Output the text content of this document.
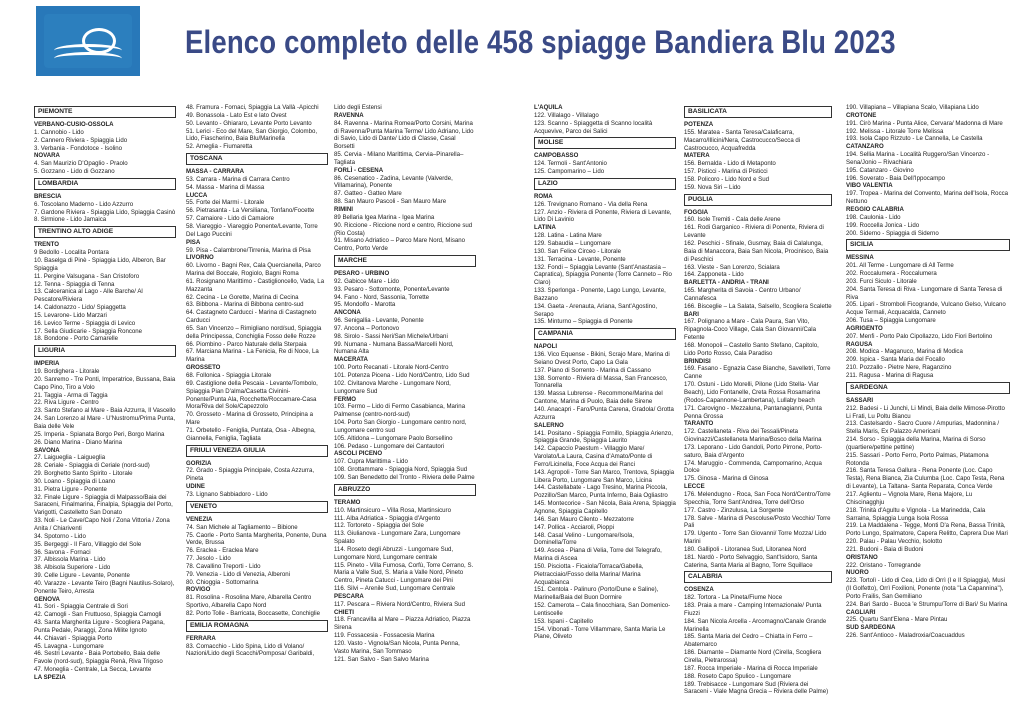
Elenco completo delle 458 spiagge Bandiera Blu 2023
PIEMONTE
VERBANO-CUSIO-OSSOLA
1. Cannobio - Lido
2. Cannero Riviera - Spiaggia Lido
3. Verbania - Fondotoce - Isolino
NOVARA
4. San Maurizio D'Opaglio - Praolo
5. Gozzano - Lido di Gozzano
LOMBARDIA
BRESCIA
6. Toscolano Maderno - Lido Azzurro
7. Gardone Riviera - Spiaggia Lido, Spiaggia Casinò
8. Sirmione - Lido Jamaica
TRENTINO ALTO ADIGE
TRENTO
9 Bedollo - Localita Pontara
10. Baselga di Pinè - Spiaggia Lido, Alberon, Bar Spiaggia
11. Pergine Valsugana - San Cristoforo
12. Tenna - Spiaggia di Tenna
13. Calceranica al Lago - Alle Barche/ Al Pescatore/Riviera
14. Caldonazzo - Lido/ Spiaggetta
15. Levarone- Lido Marzari
16. Levico Terme - Spiaggia di Levico
17. Sella Giudicarie - Spiaggia Roncone
18. Bondone - Porto Camarelle
LIGURIA
IMPERIA
19. Bordighera - Litorale
20. Sanremo - Tre Ponti, Imperatrice, Bussana, Baia Capo Pino, Tiro a Volo
21. Taggia - Arma di Taggia
22. Riva Ligure - Centro
23. Santo Stefano al Mare - Baia Azzurra, Il Vascello
24. San Lorenzo al Mare - U'Nustromu/Prima Punta, Baia delle Vele
25. Imperia - Spianata Borgo Peri, Borgo Marina
26. Diano Marina - Diano Marina
SAVONA
27. Laigueglia - Laigueglia
28. Ceriale - Spiaggia di Ceriale (nord-sud)
29. Borghetto Santo Spirito - Litorale
30. Loano - Spiaggia di Loano
31. Pietra Ligure - Ponente
32. Finale Ligure - Spiaggia di Malpasso/Baia dei Saraceni, Finalmarina, Finalpia, Spiaggia del Porto, Varigotti, Castelletto San Donato
33. Noli - Le Cave/Capo Noli / Zona Vittoria / Zona Anita / Chiariventi
34. Spotorno - Lido
35. Bergeggi - Il Faro, Villaggio del Sole
36. Savona - Fornaci
37. Albissola Marina - Lido
38. Albisola Superiore - Lido
39. Celle Ligure - Levante, Ponente
40. Varazze - Levante Teiro (Bagni Nautilus-Solaro), Ponente Teiro, Arresta
GENOVA
41. Sori - Spiaggia Centrale di Sori
42. Camogli - San Fruttuoso, Spiaggia Camogli
43. Santa Margherita Ligure - Scogliera Pagana, Punta Pedale, Paraggi, Zona Milite Ignoto
44. Chiavari - Spiaggia Porto
45. Lavagna - Lungomare
46. Sestri Levante - Baia Portobello, Baia delle Favole (nord-sud), Spiaggia Renà, Riva Trigoso
47. Moneglia - Centrale, La Secca, Levante
LA SPEZIA
48. Framura - Fornaci, Spiaggia La Vallà -Apicchi
49. Bonassola - Lato Est e lato Ovest
50. Levanto - Ghiararo, Levante Porto Levanto
51. Lerici - Eco del Mare, San Giorgio, Colombo, Lido, Fiascherino, Baia Blu/Marinella
52. Ameglia - Fiumaretta
TOSCANA
MASSA - CARRARA
53. Carrara - Marina di Carrara Centro
54. Massa - Marina di Massa
LUCCA
55. Forte dei Marmi - Litorale
56. Pietrasanta - La Versiliana, Tonfano/Focette
57. Camaiore - Lido di Camaiore
58. Viareggio - Viareggio Ponente/Levante, Torre Del Lago Puccini
PISA
59. Pisa - Calambrone/Tirrenia, Marina di Pisa
LIVORNO
60. Livorno - Bagni Rex, Cala Quercianella, Parco Marina del Boccale, Rogiolo, Bagni Roma
61. Rosignano Marittimo - Castiglioncello, Vada, La Mazzanta
62. Cecina - Le Gorette, Marina di Cecina
63. Bibbona - Marina di Bibbona centro-sud
64. Castagneto Carducci - Marina di Castagneto Carducci
65. San Vincenzo – Rimigliano nord/sud, Spiaggia della Principessa, Conchiglia Fosso delle Rozze
66. Piombino - Parco Naturale della Sterpaia
67. Marciana Marina - La Fenicia, Re di Noce, La Marina
GROSSETO
68. Follonica - Spiaggia Litorale
69. Castiglione della Pescaia - Levante/Tombolo, Spiaggia Pian D'alma/Casetta Civinini-Ponente/Punta Ala, Rocchette/Roccamare-Casa Mora/Riva del Sole/Capezzolo
70. Grosseto - Marina di Grosseto, Principina a Mare
71. Orbetello - Feniglia, Puntata, Osa - Albegna, Giannella, Feniglia, Tagliata
FRIULI VENEZIA GIULIA
GORIZIA
72. Grado - Spiaggia Principale, Costa Azzurra, Pineta
UDINE
73. Lignano Sabbiadoro - Lido
VENETO
VENEZIA
74. San Michele al Tagliamento – Bibione
75. Caorle - Porto Santa Margherita, Ponente, Duna Verde, Brussa
76. Eraclea - Eraclea Mare
77. Jesolo - Lido
78. Cavallino Treporti - Lido
79. Venezia - Lido di Venezia, Alberoni
80. Chioggia - Sottomarina
ROVIGO
81. Rosolina - Rosolina Mare, Albarella Centro Sportivo, Albarella Capo Nord
82. Porto Tolle - Barricata, Boccasette, Conchiglie
EMILIA ROMAGNA
FERRARA
83. Comacchio - Lido Spina, Lido di Volano/ Nazioni/Lido degli Scacchi/Pomposa/ Garibaldi,
Lido degli Estensi
RAVENNA
84. Ravenna - Marina Romea/Porto Corsini, Marina di Ravenna/Punta Marina Terme/ Lido Adriano, Lido di Savio, Lido di Dante/ Lido di Classe, Casal Borsetti
85. Cervia - Milano Marittima, Cervia–Pinarella–Tagliata
FORLÌ - CESENA
86. Cesenatico - Zadina, Levante (Valverde, Villamarina), Ponente
87. Gatteo - Gatteo Mare
88. San Mauro Pascoli - San Mauro Mare
RIMINI
89 Bellaria Igea Marina - Igea Marina
90. Riccione - Riccione nord e centro, Riccione sud (Rio Costa)
91. Misano Adriatico – Parco Mare Nord, Misano Centro, Porto Verde
MARCHE
PESARO - URBINO
92. Gabicce Mare - Lido
93. Pesaro - Sottomonte, Ponente/Levante
94. Fano - Nord, Sassonia, Torrette
95. Mondolfo - Marotta
ANCONA
96. Senigallia - Levante, Ponente
97. Ancona – Portonovo
98. Sirolo - Sassi Neri/San Michele/Urbani
99. Numana - Numana Bassa/Marcelli Nord, Numana Alta
MACERATA
100. Porto Recanati - Litorale Nord-Centro
101. Potenza Picena - Lido Nord/Centro, Lido Sud
102. Civitanova Marche - Lungomare Nord, Lungomare Sud
FERMO
103. Fermo – Lido di Fermo Casabianca, Marina Palmense (centro-nord-sud)
104. Porto San Giorgio - Lungomare centro nord, Lungomare centro sud
105. Altidona – Lungomare Paolo Borsellino
106. Pedaso - Lungomare dei Cantautori
ASCOLI PICENO
107. Cupra Marittima - Lido
108. Grottammare - Spiaggia Nord, Spiaggia Sud
109. San Benedetto del Tronto - Riviera delle Palme
ABRUZZO
TERAMO
110. Martinsicuro – Villa Rosa, Martinsicuro
111. Alba Adriatica - Spiaggia d'Argento
112. Tortoreto - Spiaggia del Sole
113. Giulianova - Lungomare Zara, Lungomare Spalato
114. Roseto degli Abruzzi - Lungomare Sud, Lungomare Nord, Lungomare centrale
115. Pineto - Villa Fumosa, Corfù, Torre Cerrano, S. Maria a Valle Sud, S. Maria a Valle Nord, Pineto Centro, Pineta Catucci - Lungomare dei Pini
116. Silvi – Arenile Sud, Lungomare Centrale
PESCARA
117. Pescara – Riviera Nord/Centro, Riviera Sud
CHIETI
118. Francavilla al Mare – Piazza Adriatico, Piazza Sirena
119. Fossacesia - Fossacesia Marina
120. Vasto - Vignola/San Nicola, Punta Penna, Vasto Marina, San Tommaso
121. San Salvo - San Salvo Marina
L'AQUILA
122. Villalago - Villalago
123. Scanno - Spiaggetta di Scanno località Acquevive, Parco dei Salici
MOLISE
CAMPOBASSO
124. Termoli - Sant'Antonio
125. Campomarino – Lido
LAZIO
ROMA
126. Trevignano Romano - Via della Rena
127. Anzio - Riviera di Ponente, Riviera di Levante, Lido Di Lavinio
LATINA
128. Latina - Latina Mare
129. Sabaudia – Lungomare
130. San Felice Circeo - Litorale
131. Terracina - Levante, Ponente
132. Fondi – Spiaggia Levante (Sant'Anastasia – Capratica), Spiaggia Ponente (Torre Canneto – Rio Claro)
133. Sperlonga - Ponente, Lago Lungo, Levante, Bazzano
134. Gaeta - Arenauta, Ariana, Sant'Agostino, Serapo
135. Minturno – Spiaggia di Ponente
CAMPANIA
NAPOLI
136. Vico Equense - Bikini, Scrajo Mare, Marina di Seiano Ovest Porto, Capo La Gala
137. Piano di Sorrento - Marina di Cassano
138. Sorrento - Riviera di Massa, San Francesco, Tonnarella
139. Massa Lubrense - Recommone/Marina del Cantone, Marina di Puolo, Baia delle Sirene
140. Anacapri - Faro/Punta Carena, Gradola/ Grotta Azzurra
SALERNO
141. Positano - Spiaggia Fornillo, Spiaggia Arienzo, Spiaggia Grande, Spiaggia Laurito
142. Capaccio Paestum - Villaggio Mare/ Varolato/La Laura, Casina d'Amato/Ponte di Ferro/Licinella, Foce Acqua dei Ranci
143. Agropoli - Torre San Marco, Trentova, Spiaggia Libera Porto, Lungomare San Marco, Licina
144. Castellabate - Lago Tresino, Marina Piccola, Pozzillo/San Marco, Punta Inferno, Baia Ogliastro
145. Montecorice - San Nicola, Baia Arena, Spiaggia Agnone, Spiaggia Capitello
146. San Mauro Cilento - Mezzatorre
147. Pollica - Acciaroli, Pioppi
148. Casal Velino - Lungomare/Isola, Dominella/Torre
149. Ascea - Piana di Velia, Torre del Telegrafo, Marina di Ascea
150. Pisciotta - Ficaiola/Torraca/Gabella, Pietracciaio/Fosso della Marina/ Marina Acquabianca
151. Centola - Palinuro (Porto/Dune e Saline), Marinella/Baia del Buon Dormire
152. Camerota – Cala finocchiara, San Domenico-Lentiscelle
153. Ispani - Capitello
154. Vibonati - Torre Villammare, Santa Maria Le Piane, Oliveto
BASILICATA
POTENZA
155. Maratea - Santa Teresa/Calaficarra, Macarro/Illicini/Nera, Castrocucco/Secca di Castrocucco, Acquafredda
MATERA
156. Bernalda - Lido di Metaponto
157. Pisticci - Marina di Pisticci
158. Policoro - Lido Nord e Sud
159. Nova Siri – Lido
PUGLIA
FOGGIA
160. Isole Tremiti - Cala delle Arene
161. Rodi Garganico - Riviera di Ponente, Riviera di Levante
162. Peschici - Sfinale, Gusmay, Baia di Calalunga, Baia di Manaccora, Baia San Nicola, Procinisco, Baia di Peschici
163. Vieste - San Lorenzo, Scialara
164. Zapponeta - Lido
BARLETTA - ANDRIA - TRANI
165. Margherita di Savoia - Centro Urbano/ Cannafesca
166. Bisceglie – La Salata, Salsello, Scogliera Scalette
BARI
167. Polignano a Mare - Cala Paura, San Vito, Ripagnola-Coco Village, Cala San Giovanni/Cala Fetente
168. Monopoli – Castello Santo Stefano, Capitolo, Lido Porto Rosso, Cala Paradiso
BRINDISI
169. Fasano - Egnazia Case Bianche, Savelletri, Torre Canne
170. Ostuni - Lido Morelli, Pilone (Lido Stella- Viar Beach), Lido Fontanelle, Creta Rossa Rosamarina (Rodos-Capannone-Lambertana), Lullaby beach
171. Carovigno - Mezzaluna, Pantanagianni, Punta Penna Grossa
TARANTO
172. Castellaneta - Riva dei Tessali/Pineta Giovinazzi/Castellaneta Marina/Bosco della Marina
173. Leporano - Lido Gandoli, Porto Pirrone, Porto-saturo, Baia d'Argento
174. Maruggio - Commenda, Campomarino, Acqua Dolce
175. Ginosa - Marina di Ginosa
LECCE
176. Melendugno - Roca, San Foca Nord/Centro/Torre Specchia, Torre Sant'Andrea, Torre dell'Orso
177. Castro - Zinzulusa, La Sorgente
178. Salve - Marina di Pescoluse/Posto Vecchio/ Torre Pali
179. Ugento - Torre San Giovanni/ Torre Mozza/ Lido Marini
180. Gallipoli - Litoranea Sud, Litoranea Nord
181. Nardò - Porto Selvaggio, Sant'Isidoro, Santa Caterina, Santa Maria al Bagno, Torre Squillace
CALABRIA
COSENZA
182. Tortora - La Pineta/Fiume Noce
183. Praia a mare - Camping Internazionale/ Punta Fiuzzi
184. San Nicola Arcella - Arcomagno/Canale Grande Marinella
185. Santa Maria del Cedro – Chiatta in Ferro – Abatemarco
186. Diamante – Diamante Nord (Cirella, Scogliera Cirella, Pietrarossa)
187. Rocca Imperiale - Marina di Rocca Imperiale
188. Roseto Capo Spulico - Lungomare
189. Trebisacce - Lungomare Sud (Riviera dei Saraceni - Viale Magna Grecia – Riviera delle Palme)
190. Villapiana – Villapiana Scalo, Villapiana Lido
CROTONE
191. Cirò Marina - Punta Alice, Cervara/ Madonna di Mare
192. Melissa - Litorale Torre Melissa
193. Isola Capo Rizzuto - Le Cannella, Le Castella
CATANZARO
194. Sellia Marina - Località Ruggero/San Vincenzo - Sena/Jonio – Rivachiara
195. Catanzaro - Giovino
196. Soverato - Baia Dell'Ippocampo
VIBO VALENTIA
197. Tropea - Marina del Convento, Marina dell'Isola, Rocca Nettuno
REGGIO CALABRIA
198. Caulonia - Lido
199. Roccella Jonica - Lido
200. Siderno - Spiaggia di Siderno
SICILIA
MESSINA
201. All Terme - Lungomare di All Terme
202. Roccalumera - Roccalumera
203. Furci Siculo - Litorale
204. Santa Teresa di Riva - Lungomare di Santa Teresa di Riva
205. Lipari - Stromboli Ficogrande, Vulcano Gelso, Vulcano Acque Termali, Acquacalda, Canneto
206. Tusa – Spiaggia Lungomare
AGRIGENTO
207. Menfi - Porto Palo Cipollazzo, Lido Fiori Bertolino
RAGUSA
208. Modica - Maganuco, Marina di Modica
209. Ispica - Santa Maria del Focallo
210. Pozzallo - Pietre Nere, Raganzino
211. Ragusa - Marina di Ragusa
SARDEGNA
SASSARI
212. Badesi - Li Junchi, Li Mindi, Baia delle Mimose-Pirotto Li Frati, Lu Poltu Biancu
213. Castelsardo - Sacro Cuore / Ampurias, Madonnina / Stella Maris, Ex Palazzo Americani
214. Sorso - Spiaggia della Marina, Marina di Sorso (quartiere/pettine pettine)
215. Sassari - Porto Ferro, Porto Palmas, Platamona Rotonda
216. Santa Teresa Gallura - Rena Ponente (Loc. Capo Testa), Rena Bianca, Zia Culumba (Loc. Capo Testa, Rena di Levante), La Taltana- Santa Reparata, Conca Verde
217. Aglientu – Vignola Mare, Rena Majore, Lu Chiscinagghju
218. Trinità d'Agultu e Vignola - La Marinedda, Cala Sarraina, Spiaggia Lunga Isola Rossa
219. La Maddalena - Tegge, Monti D'a Rena, Bassa Trinità, Porto Lungo, Spalmatore, Capera Relitto, Caprera Due Mari
220. Palau - Palau Vecchio, Isolotto
221. Budoni - Baia di Budoni
ORISTANO
222. Oristano - Torregrande
NUORO
223. Tortolì - Lido di Cea, Lido di Orrì (I e II Spiaggia), Musì (Il Golfetto), Orrì Foxilioni, Ponente (nota "La Capannina"), Porto Frailis, San Gemiliano
224. Bari Sardo - Bucca 'e Strumpu/Torre di Bari/ Su Marina
CAGLIARI
225. Quartu Sant'Elena - Mare Pintau
SUD SARDEGNA
226. Sant'Antioco - Maladroxia/Coacuaddus
